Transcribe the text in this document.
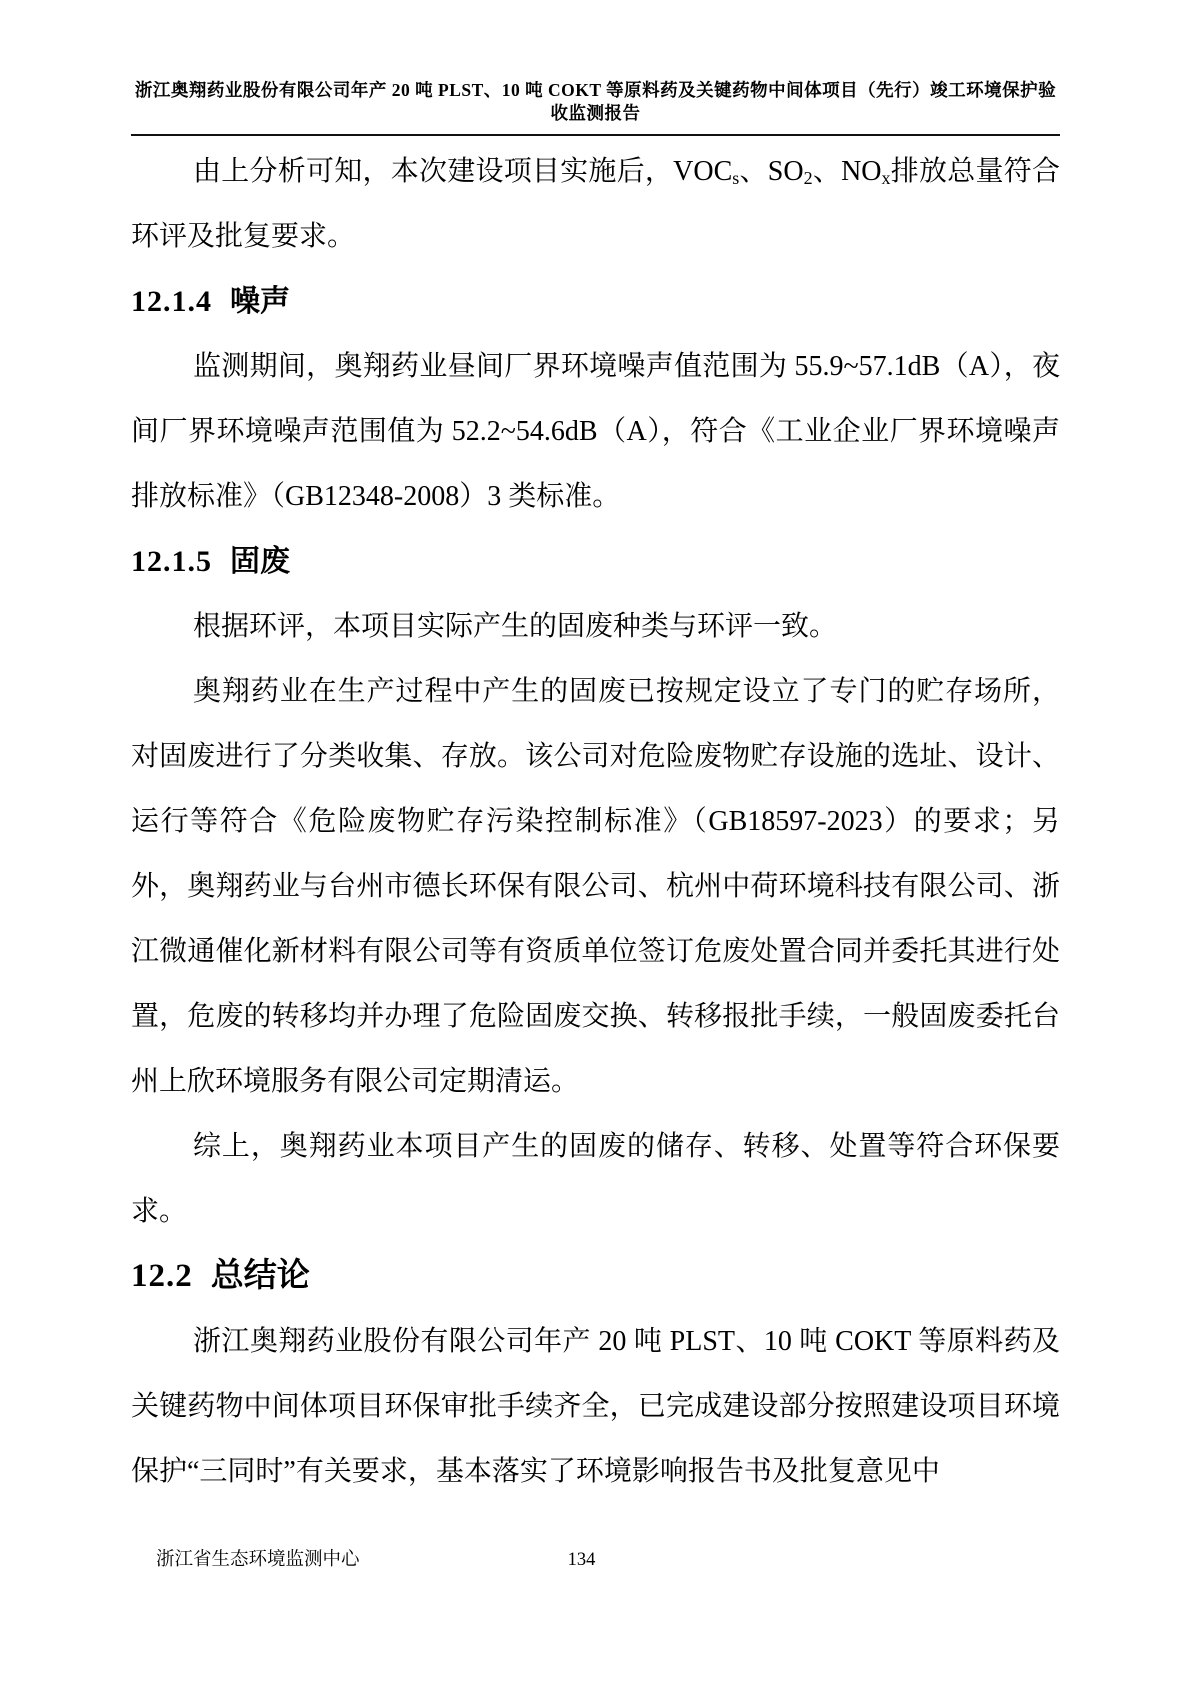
浙江奥翔药业股份有限公司年产 20 吨 PLST、10 吨 COKT 等原料药及关键药物中间体项目（先行）竣工环境保护验
收监测报告

由上分析可知，本次建设项目实施后，$VOC_s$、$SO_2$、$NO_x$排放总量符合环评及批复要求。

12.1.4 噪声

监测期间，奥翔药业昼间厂界环境噪声值范围为 55.9~57.1dB（A），夜间厂界环境噪声范围值为 52.2~54.6dB（A），符合《工业企业厂界环境噪声排放标准》（GB12348-2008）3 类标准。

12.1.5 固废

根据环评，本项目实际产生的固废种类与环评一致。

奥翔药业在生产过程中产生的固废已按规定设立了专门的贮存场所，对固废进行了分类收集、存放。该公司对危险废物贮存设施的选址、设计、运行等符合《危险废物贮存污染控制标准》（GB18597-2023）的要求；另外，奥翔药业与台州市德长环保有限公司、杭州中荷环境科技有限公司、浙江微通催化新材料有限公司等有资质单位签订危废处置合同并委托其进行处置，危废的转移均并办理了危险固废交换、转移报批手续，一般固废委托台州上欣环境服务有限公司定期清运。

综上，奥翔药业本项目产生的固废的储存、转移、处置等符合环保要求。

12.2 总结论

浙江奥翔药业股份有限公司年产 20 吨 PLST、10 吨 COKT 等原料药及关键药物中间体项目环保审批手续齐全，已完成建设部分按照建设项目环境保护“三同时”有关要求，基本落实了环境影响报告书及批复意见中

浙江省生态环境监测中心	134
